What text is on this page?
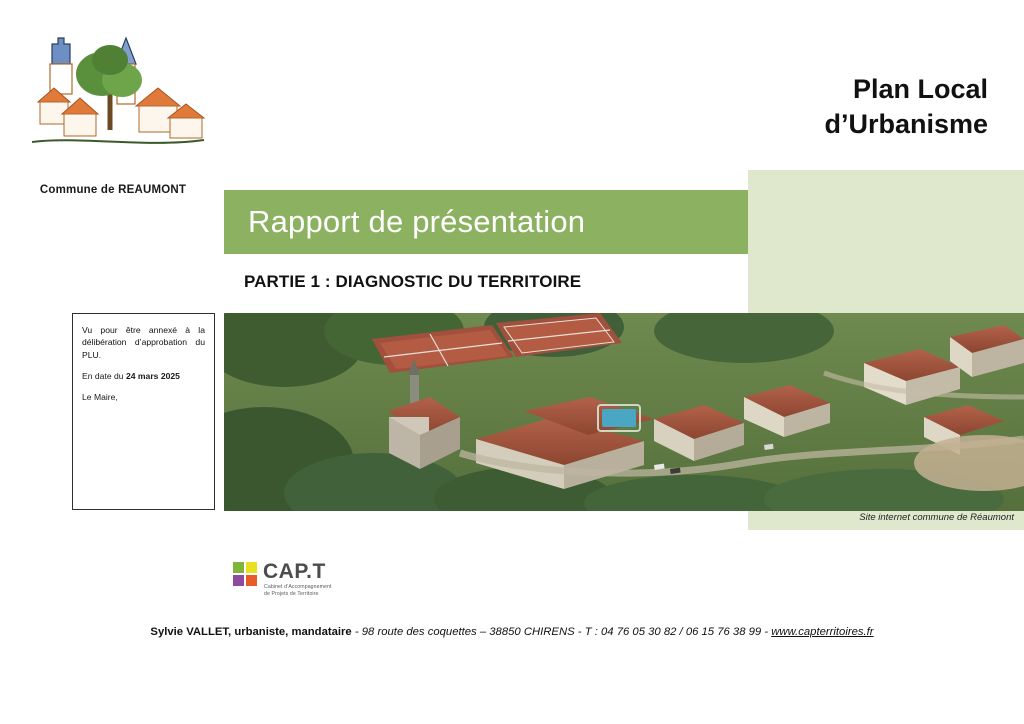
Commune de REAUMONT
Plan Local
d’Urbanisme
Rapport de présentation
PARTIE 1 : DIAGNOSTIC DU TERRITOIRE

Vu pour être annexé à la délibération d’approbation du PLU.

En date du 24 mars 2025

Le Maire,

Site internet commune de Réaumont
CAP.T
Cabinet d’Accompagnement
de Projets de Territoire
Sylvie VALLET, urbaniste, mandataire - 98 route des coquettes – 38850 CHIRENS - T : 04 76 05 30 82 / 06 15 76 38 99 - www.capterritoires.fr
